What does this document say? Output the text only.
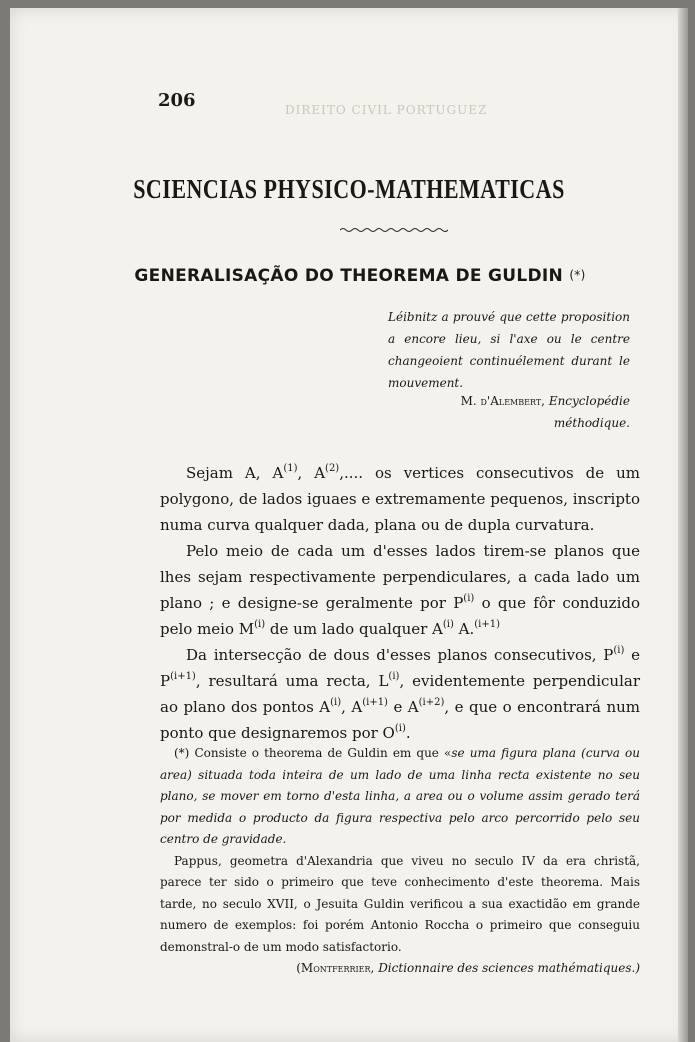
DIREITO CIVIL PORTUGUEZ
206
SCIENCIAS PHYSICO-MATHEMATICAS
GENERALISAÇÃO DO THEOREMA DE GULDIN (*)
Léibnitz a prouvé que cette proposition a encore lieu, si l'axe ou le centre changeoient continuélement durant le mouvement.
M. d'Alembert, Encyclopédie méthodique.

Sejam A, $A^{(1)}$, $A^{(2)}$,.... os vertices consecutivos de um polygono, de lados iguaes e extremamente pequenos, inscripto numa curva qualquer dada, plana ou de dupla curvatura.

Pelo meio de cada um d'esses lados tirem-se planos que lhes sejam respectivamente perpendiculares, a cada lado um plano ; e designe-se geralmente por $P^{(i)}$ o que fôr conduzido pelo meio $M^{(i)}$ de um lado qualquer $A^{(i)}$ A.$^{(i+1)}$

Da intersecção de dous d'esses planos consecutivos, $P^{(i)}$ e $P^{(i+1)}$, resultará uma recta, $L^{(i)}$, evidentemente perpendicular ao plano dos pontos $A^{(i)}$, $A^{(i+1)}$ e $A^{(i+2)}$, e que o encontrará num ponto que designaremos por $O^{(i)}$.

(*) Consiste o theorema de Guldin em que «se uma figura plana (curva ou area) situada toda inteira de um lado de uma linha recta existente no seu plano, se mover em torno d'esta linha, a area ou o volume assim gerado terá por medida o producto da figura respectiva pelo arco percorrido pelo seu centro de gravidade.

Pappus, geometra d'Alexandria que viveu no seculo IV da era christã, parece ter sido o primeiro que teve conhecimento d'este theorema. Mais tarde, no seculo XVII, o Jesuita Guldin verificou a sua exactidão em grande numero de exemplos: foi porém Antonio Roccha o primeiro que conseguiu demonstral-o de um modo satisfactorio.

(Montferrier, Dictionnaire des sciences mathématiques.)
